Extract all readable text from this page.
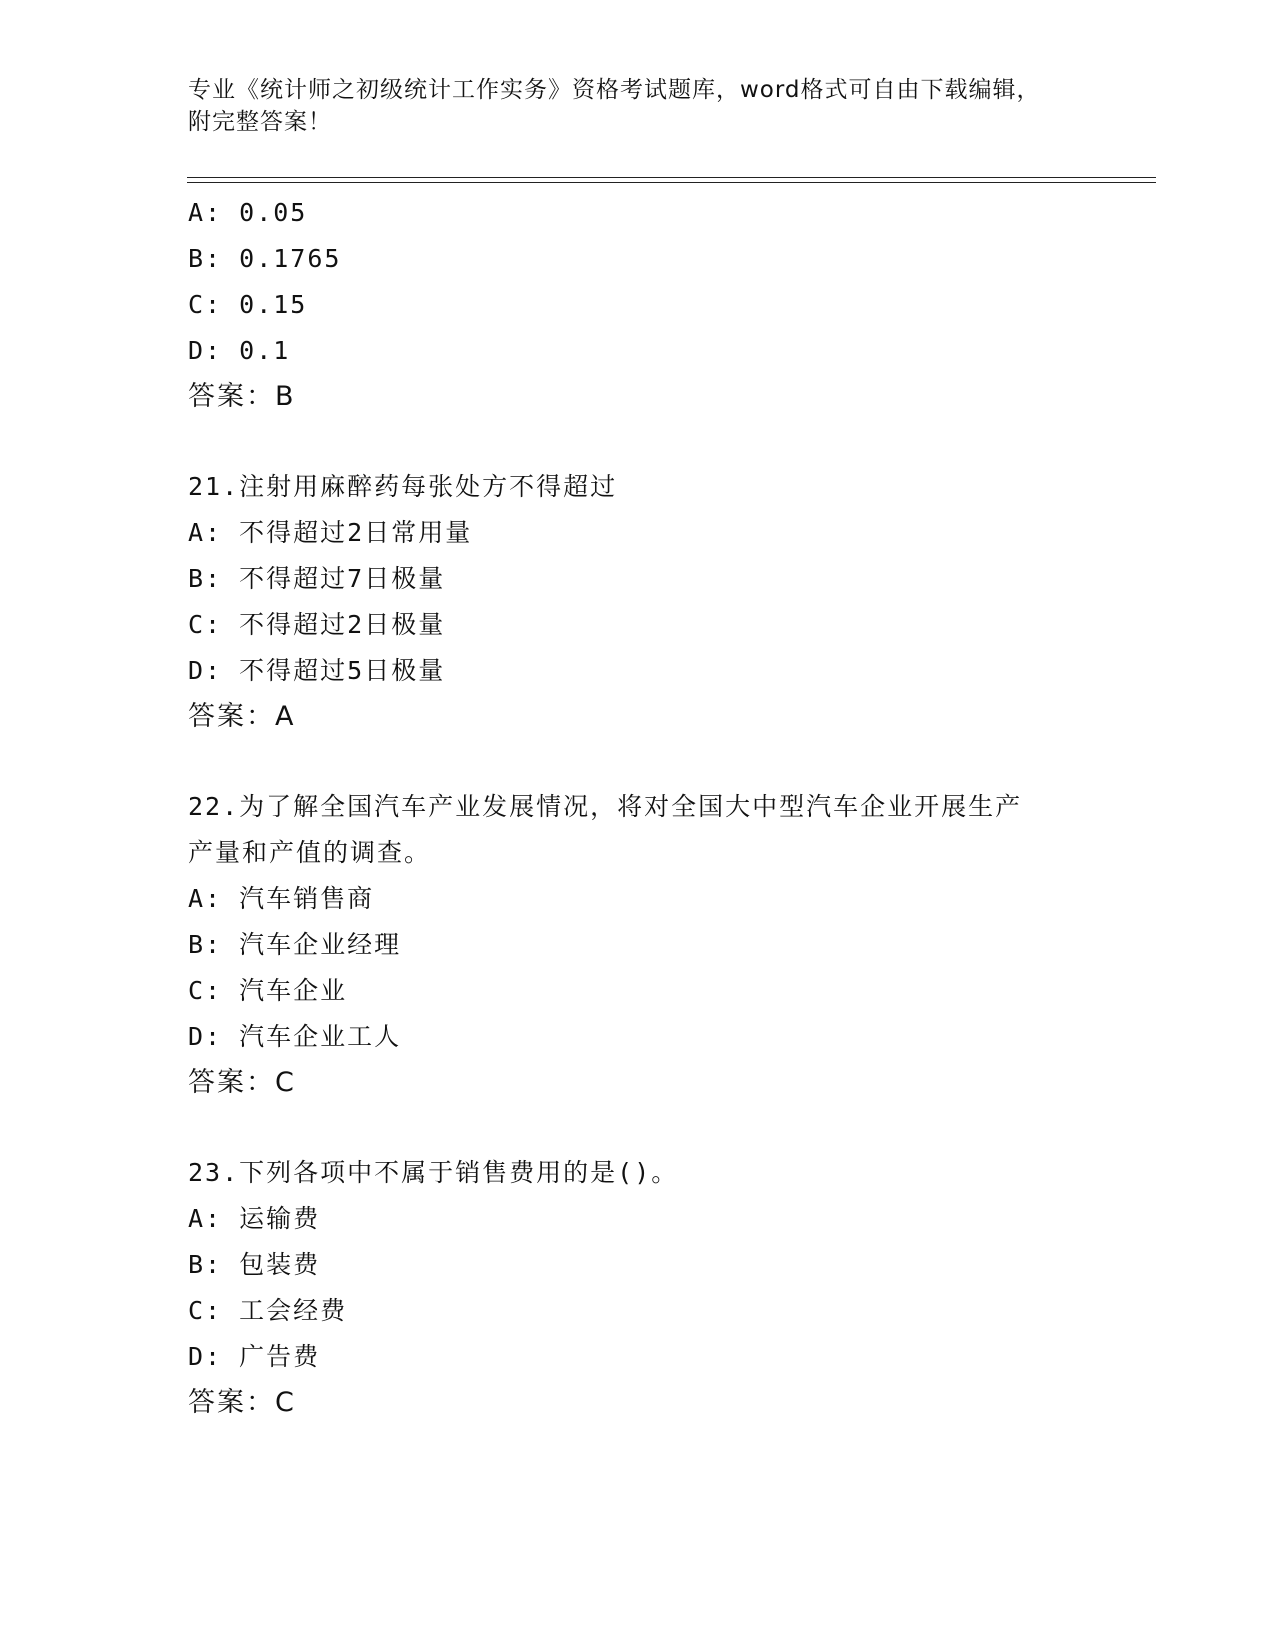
专业《统计师之初级统计工作实务》资格考试题库，word格式可自由下载编辑，
附完整答案！
A: 0.05
B: 0.1765
C: 0.15
D: 0.1
答案：B
21.注射用麻醉药每张处方不得超过
A: 不得超过2日常用量
B: 不得超过7日极量
C: 不得超过2日极量
D: 不得超过5日极量
答案：A
22.为了解全国汽车产业发展情况，将对全国大中型汽车企业开展生产
产量和产值的调查。
A: 汽车销售商
B: 汽车企业经理
C: 汽车企业
D: 汽车企业工人
答案：C
23.下列各项中不属于销售费用的是()。
A: 运输费
B: 包装费
C: 工会经费
D: 广告费
答案：C
